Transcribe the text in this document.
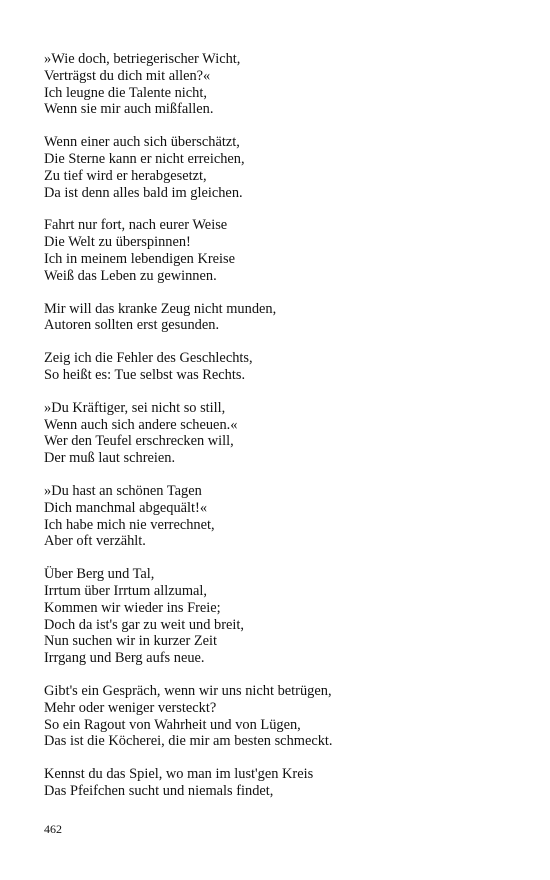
»Wie doch, betriegerischer Wicht,
Verträgst du dich mit allen?«
Ich leugne die Talente nicht,
Wenn sie mir auch mißfallen.
Wenn einer auch sich überschätzt,
Die Sterne kann er nicht erreichen,
Zu tief wird er herabgesetzt,
Da ist denn alles bald im gleichen.
Fahrt nur fort, nach eurer Weise
Die Welt zu überspinnen!
Ich in meinem lebendigen Kreise
Weiß das Leben zu gewinnen.
Mir will das kranke Zeug nicht munden,
Autoren sollten erst gesunden.
Zeig ich die Fehler des Geschlechts,
So heißt es: Tue selbst was Rechts.
»Du Kräftiger, sei nicht so still,
Wenn auch sich andere scheuen.«
Wer den Teufel erschrecken will,
Der muß laut schreien.
»Du hast an schönen Tagen
Dich manchmal abgequält!«
Ich habe mich nie verrechnet,
Aber oft verzählt.
Über Berg und Tal,
Irrtum über Irrtum allzumal,
Kommen wir wieder ins Freie;
Doch da ist's gar zu weit und breit,
Nun suchen wir in kurzer Zeit
Irrgang und Berg aufs neue.
Gibt's ein Gespräch, wenn wir uns nicht betrügen,
Mehr oder weniger versteckt?
So ein Ragout von Wahrheit und von Lügen,
Das ist die Köcherei, die mir am besten schmeckt.
Kennst du das Spiel, wo man im lust'gen Kreis
Das Pfeifchen sucht und niemals findet,
462
